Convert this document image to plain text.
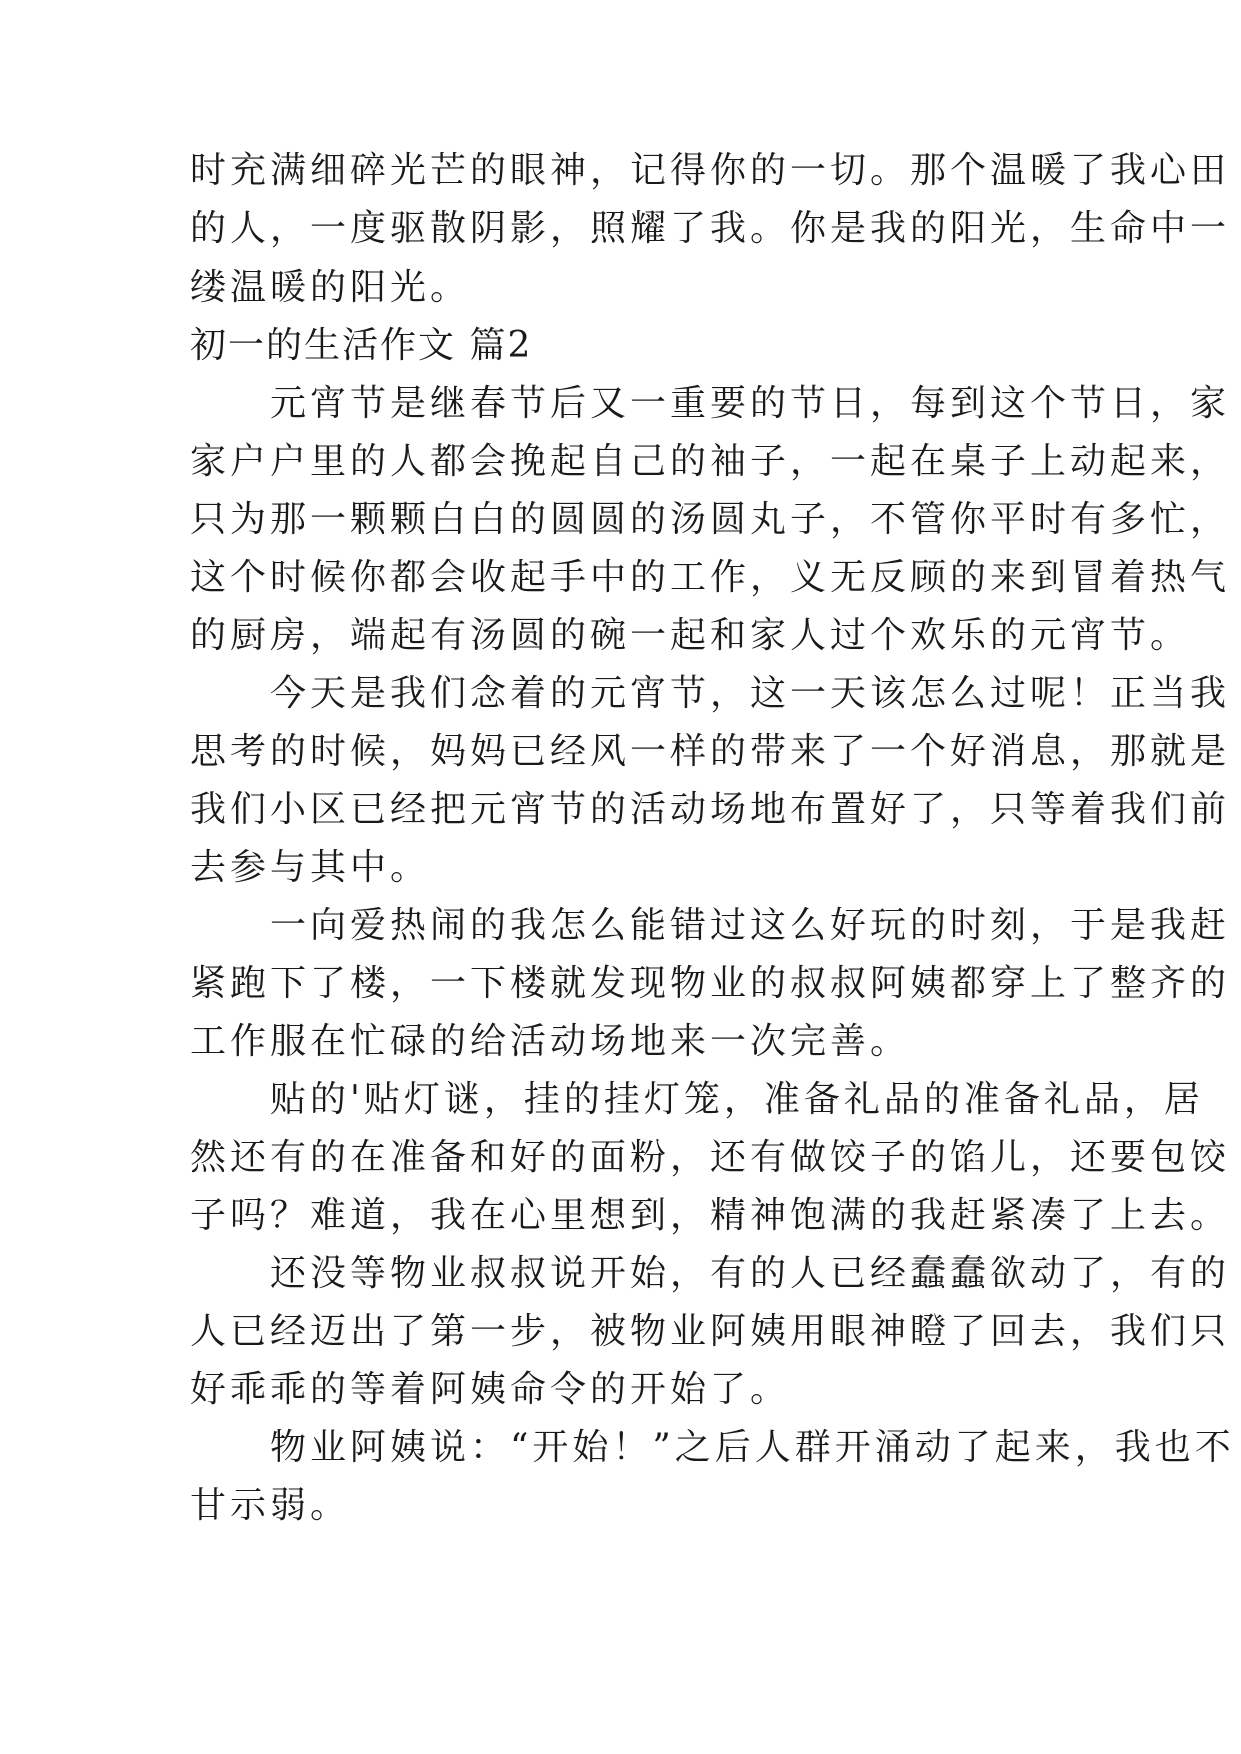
时充满细碎光芒的眼神，记得你的一切。那个温暖了我心田
的人，一度驱散阴影，照耀了我。你是我的阳光，生命中一
缕温暖的阳光。
初一的生活作文 篇2
　　元宵节是继春节后又一重要的节日，每到这个节日，家
家户户里的人都会挽起自己的袖子，一起在桌子上动起来，
只为那一颗颗白白的圆圆的汤圆丸子，不管你平时有多忙，
这个时候你都会收起手中的工作，义无反顾的来到冒着热气
的厨房，端起有汤圆的碗一起和家人过个欢乐的元宵节。
　　今天是我们念着的元宵节，这一天该怎么过呢！正当我
思考的时候，妈妈已经风一样的带来了一个好消息，那就是
我们小区已经把元宵节的活动场地布置好了，只等着我们前
去参与其中。
　　一向爱热闹的我怎么能错过这么好玩的时刻，于是我赶
紧跑下了楼，一下楼就发现物业的叔叔阿姨都穿上了整齐的
工作服在忙碌的给活动场地来一次完善。
　　贴的'贴灯谜，挂的挂灯笼，准备礼品的准备礼品，居
然还有的在准备和好的面粉，还有做饺子的馅儿，还要包饺
子吗？难道，我在心里想到，精神饱满的我赶紧凑了上去。
　　还没等物业叔叔说开始，有的人已经蠢蠢欲动了，有的
人已经迈出了第一步，被物业阿姨用眼神瞪了回去，我们只
好乖乖的等着阿姨命令的开始了。
　　物业阿姨说：“开始！”之后人群开涌动了起来，我也不
甘示弱。
